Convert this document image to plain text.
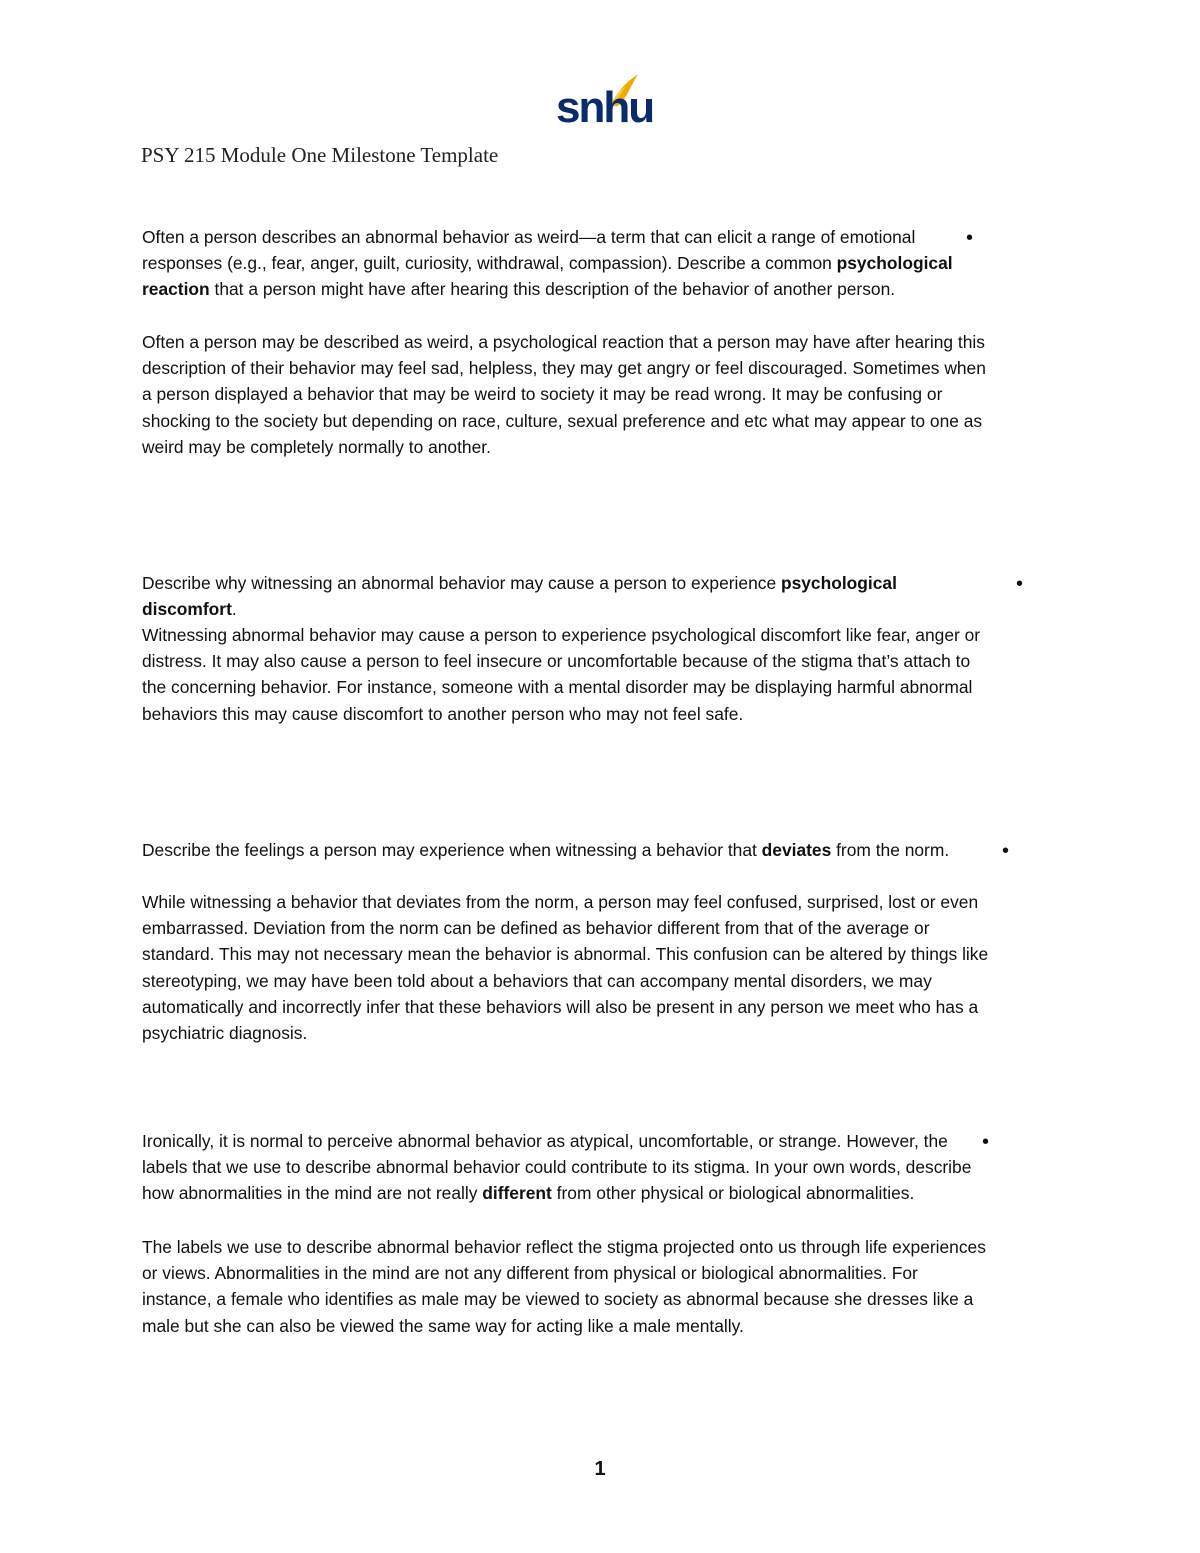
snhu
PSY 215 Module One Milestone Template
•

Often a person describes an abnormal behavior as weird—a term that can elicit a range of emotional responses (e.g., fear, anger, guilt, curiosity, withdrawal, compassion). Describe a common psychological reaction that a person might have after hearing this description of the behavior of another person.

Often a person may be described as weird, a psychological reaction that a person may have after hearing this description of their behavior may feel sad, helpless, they may get angry or feel discouraged. Sometimes when a person displayed a behavior that may be weird to society it may be read wrong. It may be confusing or shocking to the society but depending on race, culture, sexual preference and etc what may appear to one as weird may be completely normally to another.

•

Describe why witnessing an abnormal behavior may cause a person to experience psychological discomfort.

Witnessing abnormal behavior may cause a person to experience psychological discomfort like fear, anger or distress. It may also cause a person to feel insecure or uncomfortable because of the stigma that’s attach to the concerning behavior. For instance, someone with a mental disorder may be displaying harmful abnormal behaviors this may cause discomfort to another person who may not feel safe.

•

Describe the feelings a person may experience when witnessing a behavior that deviates from the norm.

While witnessing a behavior that deviates from the norm, a person may feel confused, surprised, lost or even embarrassed. Deviation from the norm can be defined as behavior different from that of the average or standard. This may not necessary mean the behavior is abnormal. This confusion can be altered by things like stereotyping, we may have been told about a behaviors that can accompany mental disorders, we may automatically and incorrectly infer that these behaviors will also be present in any person we meet who has a psychiatric diagnosis.

•

Ironically, it is normal to perceive abnormal behavior as atypical, uncomfortable, or strange. However, the labels that we use to describe abnormal behavior could contribute to its stigma. In your own words, describe how abnormalities in the mind are not really different from other physical or biological abnormalities.

The labels we use to describe abnormal behavior reflect the stigma projected onto us through life experiences or views. Abnormalities in the mind are not any different from physical or biological abnormalities. For instance, a female who identifies as male may be viewed to society as abnormal because she dresses like a male but she can also be viewed the same way for acting like a male mentally.

1
